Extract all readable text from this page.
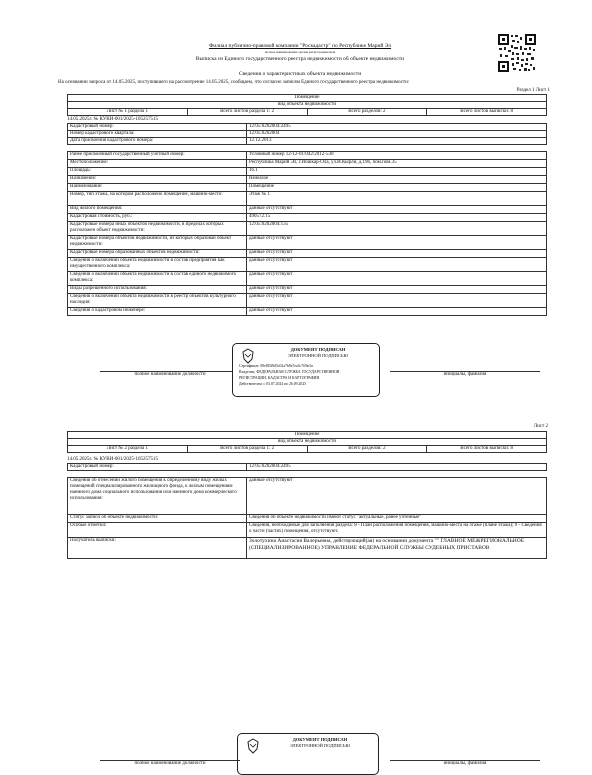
Филиал публично-правовой компании "Роскадастр" по Республике Марий Эл
полное наименование органа регистрации прав
Выписка из Единого государственного реестра недвижимости об объекте недвижимости
Сведения о характеристиках объекта недвижимости
На основании запроса от 14.05.2025, поступившего на рассмотрение 14.05.2025, сообщаем, что согласно записям Единого государственного реестра недвижимости:
Раздел 1 Лист 1
Помещение
вид объекта недвижимости
Лист № 1 раздела 1	Всего листов раздела 1: 2	Всего разделов: 2	Всего листов выписки: 8
14.05.2025г. № КУВИ-001/2025-105257515
Кадастровый номер:	12:05:0202004:2495
Номер кадастрового квартала:	12:05:0202004
Дата присвоения кадастрового номера:	12.12.2013
Ранее присвоенный государственный учетный номер:	Условный номер 12-12-01/042/2012-530
Местоположение:	Республика Марий Эл, г.Йошкар-Ола, ул.И.Кырли, д.19б, пом.пом.35
Площадь:	16.1
Назначение:	Нежилое
Наименование:	Помещение
Номер, тип этажа, на котором расположено помещение, машино-место:	Этаж № 1
Вид жилого помещения:	данные отсутствуют
Кадастровая стоимость, руб.:	490572.15
Кадастровые номера иных объектов недвижимости, в пределах которых расположен объект недвижимости:	12:05:0202004:135
Кадастровые номера объектов недвижимости, из которых образован объект недвижимости:	данные отсутствуют
Кадастровые номера образованных объектов недвижимости:	данные отсутствуют
Сведения о включении объекта недвижимости в состав предприятия как имущественного комплекса:	данные отсутствуют
Сведения о включении объекта недвижимости в состав единого недвижимого комплекса:	данные отсутствуют
Виды разрешенного использования:	данные отсутствуют
Сведения о включении объекта недвижимости в реестр объектов культурного наследия:	данные отсутствуют
Сведения о кадастровом инженере:	данные отсутствуют
полное наименование должности	инициалы, фамилия
ДОКУМЕНТ ПОДПИСАН
ЭЛЕКТРОННОЙ ПОДПИСЬЮ
Сертификат: 00e8f5f8d5c02a7b8a7ea3c7ff6e3a
Владелец: ФЕДЕРАЛЬНАЯ СЛУЖБА ГОСУДАРСТВЕННОЙ
РЕГИСТРАЦИИ, КАДАСТРА И КАРТОГРАФИИ
Действителен: с 03.07.2024 по 26.09.2025
Лист 2
Помещение
вид объекта недвижимости
Лист № 2 раздела 1	Всего листов раздела 1: 2	Всего разделов: 2	Всего листов выписки: 8
14.05.2025г. № КУВИ-001/2025-105257515
Кадастровый номер:	12:05:0202004:2495
Сведения об отнесении жилого помещения к определенному виду жилых помещений специализированного жилищного фонда, к жилым помещениям наемного дома социального использования или наемного дома коммерческого использования:	данные отсутствуют
Статус записи об объекте недвижимости:	Сведения об объекте недвижимости имеют статус "актуальные, ранее учтенные"
Особые отметки:	Сведения, необходимые для заполнения раздела: 8 - План расположения помещения, машино-места на этаже (плане этажа); 9 - Сведения о части (частях) помещения, отсутствуют.
Получатель выписки:	Золотухина Анастасия Валерьевна, действующий(ая) на основании документа "" ГЛАВНОЕ МЕЖРЕГИОНАЛЬНОЕ (СПЕЦИАЛИЗИРОВАННОЕ) УПРАВЛЕНИЕ ФЕДЕРАЛЬНОЙ СЛУЖБЫ СУДЕБНЫХ ПРИСТАВОВ
ДОКУМЕНТ ПОДПИСАН
ЭЛЕКТРОННОЙ ПОДПИСЬЮ
полное наименование должности	инициалы, фамилия
